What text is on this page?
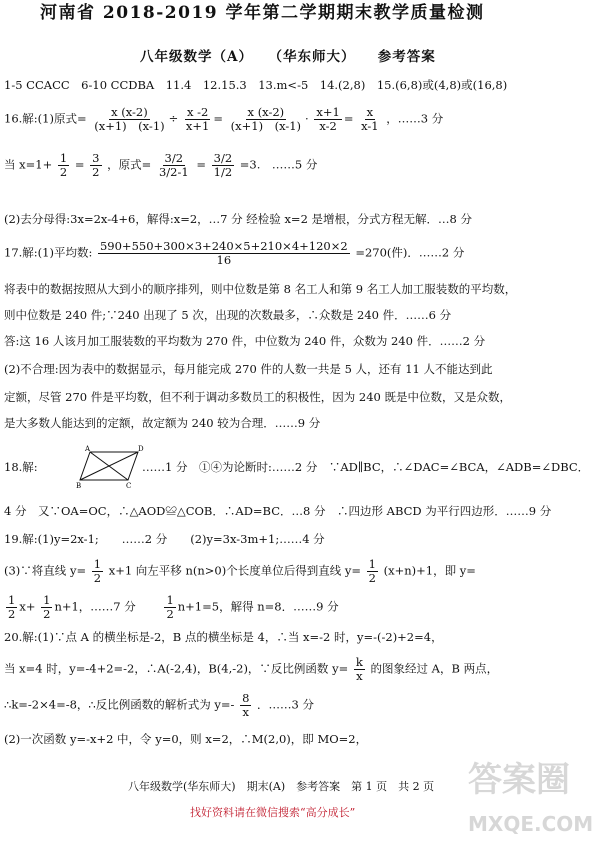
河南省 2018-2019 学年第二学期期末教学质量检测
八年级数学（A）　　（华东师大）　　参考答案
1-5 CCACC　6-10 CCDBA　11.4　12.15.3　13.m<-5　14.(2,8)　15.(6,8)或(4,8)或(16,8)
16.解:(1)原式= $\frac{x (x-2)}{(x+1) (x-1)} \div \frac{x -2}{x+1} = \frac{x (x-2)}{(x+1) (x-1)} \cdot \frac{x+1}{x-2} = \frac{x}{x-1}$ ，……3 分
当 $x=1+ \frac{1}{2} = \frac{3}{2}$ ，原式= $\frac{3/2}{3/2-1} = \frac{3/2}{1/2} =3$.　……5 分
(2)去分母得:3x=2x-4+6，解得:x=2，…7 分 经检验 x=2 是增根，分式方程无解．…8 分
17.解:(1)平均数: $\frac{590+550+300\times 3+240\times 5+210\times 4+120\times 2}{16} =270$(件)．……2 分
将表中的数据按照从大到小的顺序排列，则中位数是第 8 名工人和第 9 名工人加工服装数的平均数，
则中位数是 240 件;∵240 出现了 5 次，出现的次数最多，∴众数是 240 件．……6 分
答:这 16 人该月加工服装数的平均数为 270 件，中位数为 240 件，众数为 240 件．……2 分
(2)不合理:因为表中的数据显示，每月能完成 270 件的人数一共是 5 人，还有 11 人不能达到此
定额，尽管 270 件是平均数，但不利于调动多数员工的积极性，因为 240 既是中位数，又是众数，
是大多数人能达到的定额，故定额为 240 较为合理．……9 分
18.解:
A	D
B	C
……1 分　①④为论断时:……2 分　∵AD∥BC，∴∠DAC=∠BCA，∠ADB=∠DBC．
4 分　又∵OA=OC，∴△AOD≌△COB．∴AD=BC．…8 分　∴四边形 ABCD 为平行四边形．……9 分
19.解:(1)y=2x-1;　　……2 分　　(2)y=3x-3m+1;……4 分
(3)∵将直线 $y= \frac{1}{2} x+1$ 向左平移 n(n>0)个长度单位后得到直线 $y= \frac{1}{2} (x+n)+1$，即 y=
$\frac{1}{2} x+ \frac{1}{2} n+1$，……7 分　　 $\frac{1}{2} n+1=5$，解得 n=8．……9 分
20.解:(1)∵点 A 的横坐标是-2，B 点的横坐标是 4，∴当 x=-2 时，y=-(-2)+2=4，
当 x=4 时，y=-4+2=-2，∴A(-2,4)，B(4,-2)，∵反比例函数 $y= \frac{k}{x}$ 的图象经过 A，B 两点，
∴k=-2×4=-8，∴反比例函数的解析式为 $y=- \frac{8}{x}$ ．……3 分
(2)一次函数 y=-x+2 中，令 y=0，则 x=2，∴M(2,0)，即 MO=2，
八年级数学(华东师大)　期末(A)　参考答案　第 1 页　共 2 页
找好资料请在微信搜索“高分成长”
答案圈
MXQE.COM
